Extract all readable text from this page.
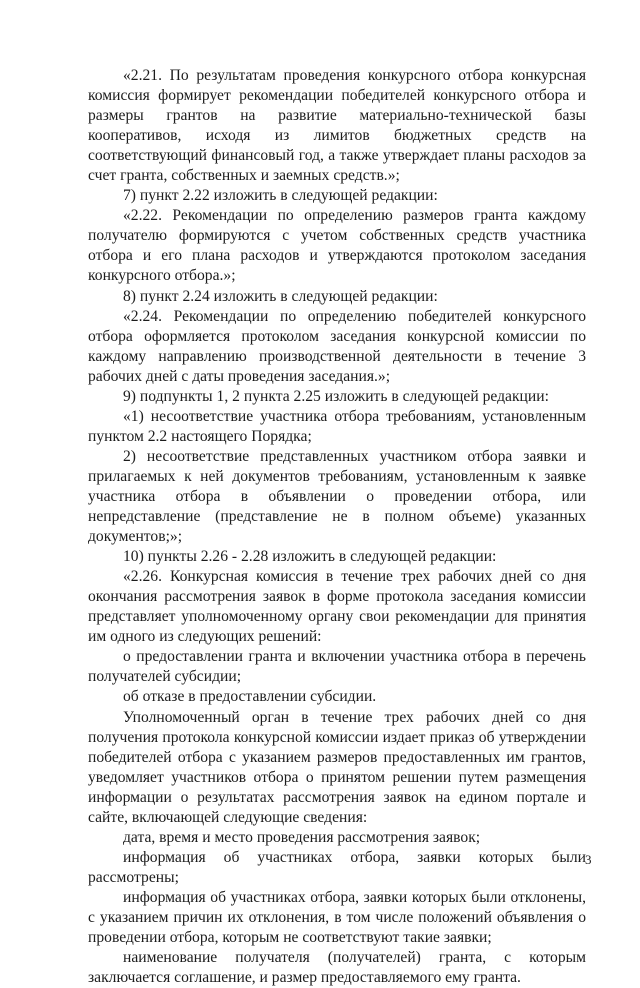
«2.21. По результатам проведения конкурсного отбора конкурсная комиссия формирует рекомендации победителей конкурсного отбора и размеры грантов на развитие материально-технической базы кооперативов, исходя из лимитов бюджетных средств на соответствующий финансовый год, а также утверждает планы расходов за счет гранта, собственных и заемных средств.»;

7) пункт 2.22 изложить в следующей редакции:

«2.22. Рекомендации по определению размеров гранта каждому получателю формируются с учетом собственных средств участника отбора и его плана расходов и утверждаются протоколом заседания конкурсного отбора.»;

8) пункт 2.24 изложить в следующей редакции:

«2.24. Рекомендации по определению победителей конкурсного отбора оформляется протоколом заседания конкурсной комиссии по каждому направлению производственной деятельности в течение 3 рабочих дней с даты проведения заседания.»;

9) подпункты 1, 2 пункта 2.25 изложить в следующей редакции:

«1) несоответствие участника отбора требованиям, установленным пунктом 2.2 настоящего Порядка;

2) несоответствие представленных участником отбора заявки и прилагаемых к ней документов требованиям, установленным к заявке участника отбора в объявлении о проведении отбора, или непредставление (представление не в полном объеме) указанных документов;»;

10) пункты 2.26 - 2.28 изложить в следующей редакции:

«2.26. Конкурсная комиссия в течение трех рабочих дней со дня окончания рассмотрения заявок в форме протокола заседания комиссии представляет уполномоченному органу свои рекомендации для принятия им одного из следующих решений:

о предоставлении гранта и включении участника отбора в перечень получателей субсидии;

об отказе в предоставлении субсидии.

Уполномоченный орган в течение трех рабочих дней со дня получения протокола конкурсной комиссии издает приказ об утверждении победителей отбора с указанием размеров предоставленных им грантов, уведомляет участников отбора о принятом решении путем размещения информации о результатах рассмотрения заявок на едином портале и сайте, включающей следующие сведения:

дата, время и место проведения рассмотрения заявок;

информация об участниках отбора, заявки которых были рассмотрены;

информация об участниках отбора, заявки которых были отклонены, с указанием причин их отклонения, в том числе положений объявления о проведении отбора, которым не соответствуют такие заявки;

наименование получателя (получателей) гранта, с которым заключается соглашение, и размер предоставляемого ему гранта.

3
